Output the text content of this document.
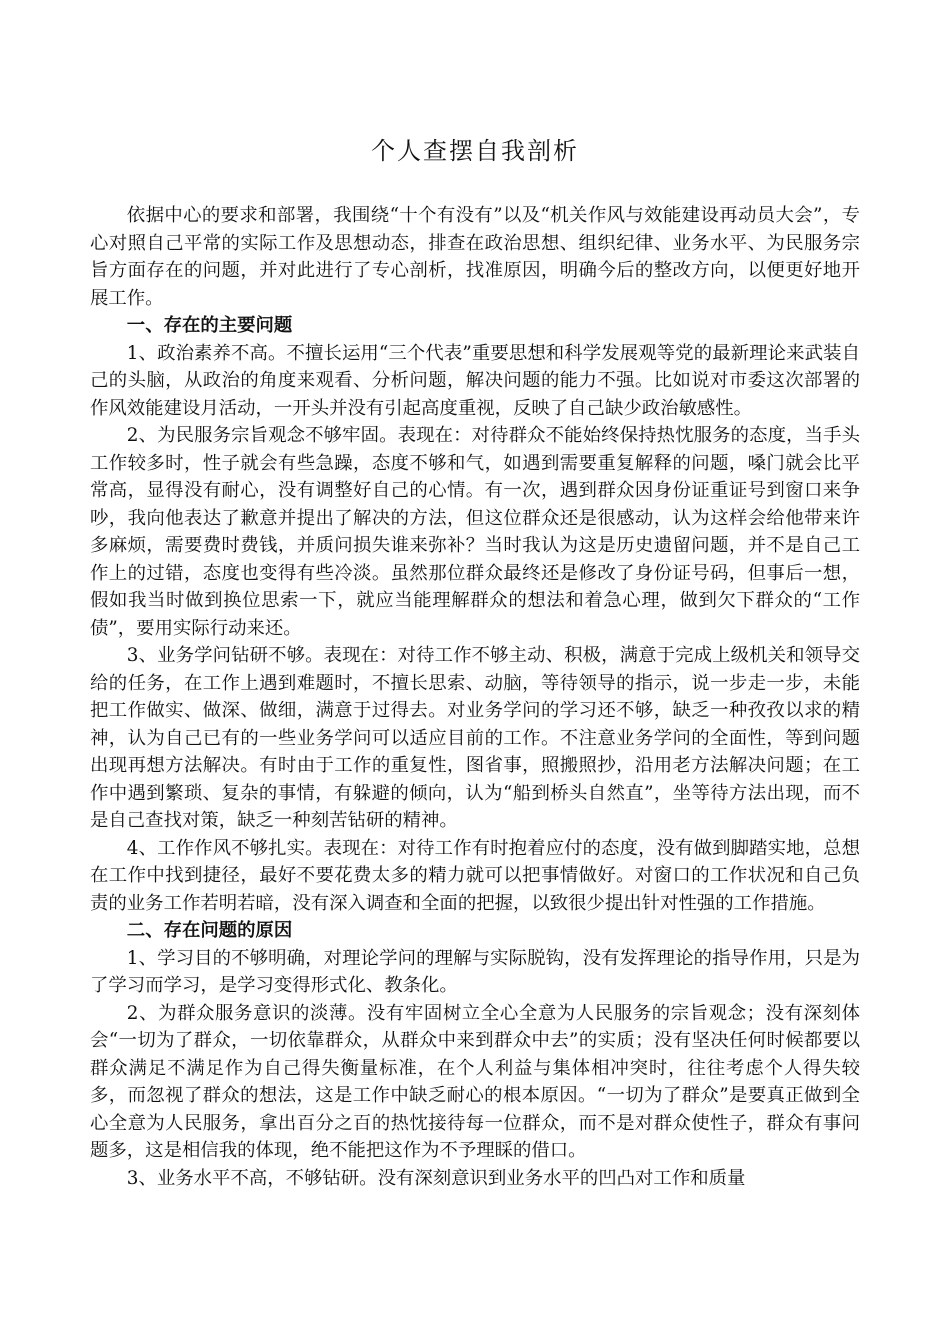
个人查摆自我剖析

依据中心的要求和部署，我围绕“十个有没有”以及“机关作风与效能建设再动员大会”，专心对照自己平常的实际工作及思想动态，排查在政治思想、组织纪律、业务水平、为民服务宗旨方面存在的问题，并对此进行了专心剖析，找准原因，明确今后的整改方向，以便更好地开展工作。

一、存在的主要问题

1、政治素养不高。不擅长运用“三个代表”重要思想和科学发展观等党的最新理论来武装自己的头脑，从政治的角度来观看、分析问题，解决问题的能力不强。比如说对市委这次部署的作风效能建设月活动，一开头并没有引起高度重视，反映了自己缺少政治敏感性。

2、为民服务宗旨观念不够牢固。表现在：对待群众不能始终保持热忱服务的态度，当手头工作较多时，性子就会有些急躁，态度不够和气，如遇到需要重复解释的问题，嗓门就会比平常高，显得没有耐心，没有调整好自己的心情。有一次，遇到群众因身份证重证号到窗口来争吵，我向他表达了歉意并提出了解决的方法，但这位群众还是很感动，认为这样会给他带来许多麻烦，需要费时费钱，并质问损失谁来弥补？当时我认为这是历史遗留问题，并不是自己工作上的过错，态度也变得有些冷淡。虽然那位群众最终还是修改了身份证号码，但事后一想，假如我当时做到换位思索一下，就应当能理解群众的想法和着急心理，做到欠下群众的“工作债”，要用实际行动来还。

3、业务学问钻研不够。表现在：对待工作不够主动、积极，满意于完成上级机关和领导交给的任务，在工作上遇到难题时，不擅长思索、动脑，等待领导的指示，说一步走一步，未能把工作做实、做深、做细，满意于过得去。对业务学问的学习还不够，缺乏一种孜孜以求的精神，认为自己已有的一些业务学问可以适应目前的工作。不注意业务学问的全面性，等到问题出现再想方法解决。有时由于工作的重复性，图省事，照搬照抄，沿用老方法解决问题；在工作中遇到繁琐、复杂的事情，有躲避的倾向，认为“船到桥头自然直”，坐等待方法出现，而不是自己查找对策，缺乏一种刻苦钻研的精神。

4、工作作风不够扎实。表现在：对待工作有时抱着应付的态度，没有做到脚踏实地，总想在工作中找到捷径，最好不要花费太多的精力就可以把事情做好。对窗口的工作状况和自己负责的业务工作若明若暗，没有深入调查和全面的把握，以致很少提出针对性强的工作措施。

二、存在问题的原因

1、学习目的不够明确，对理论学问的理解与实际脱钩，没有发挥理论的指导作用，只是为了学习而学习，是学习变得形式化、教条化。

2、为群众服务意识的淡薄。没有牢固树立全心全意为人民服务的宗旨观念；没有深刻体会“一切为了群众，一切依靠群众，从群众中来到群众中去”的实质；没有坚决任何时候都要以群众满足不满足作为自己得失衡量标准，在个人利益与集体相冲突时，往往考虑个人得失较多，而忽视了群众的想法，这是工作中缺乏耐心的根本原因。“一切为了群众”是要真正做到全心全意为人民服务，拿出百分之百的热忱接待每一位群众，而不是对群众使性子，群众有事问题多，这是相信我的体现，绝不能把这作为不予理睬的借口。

3、业务水平不高，不够钻研。没有深刻意识到业务水平的凹凸对工作和质量
